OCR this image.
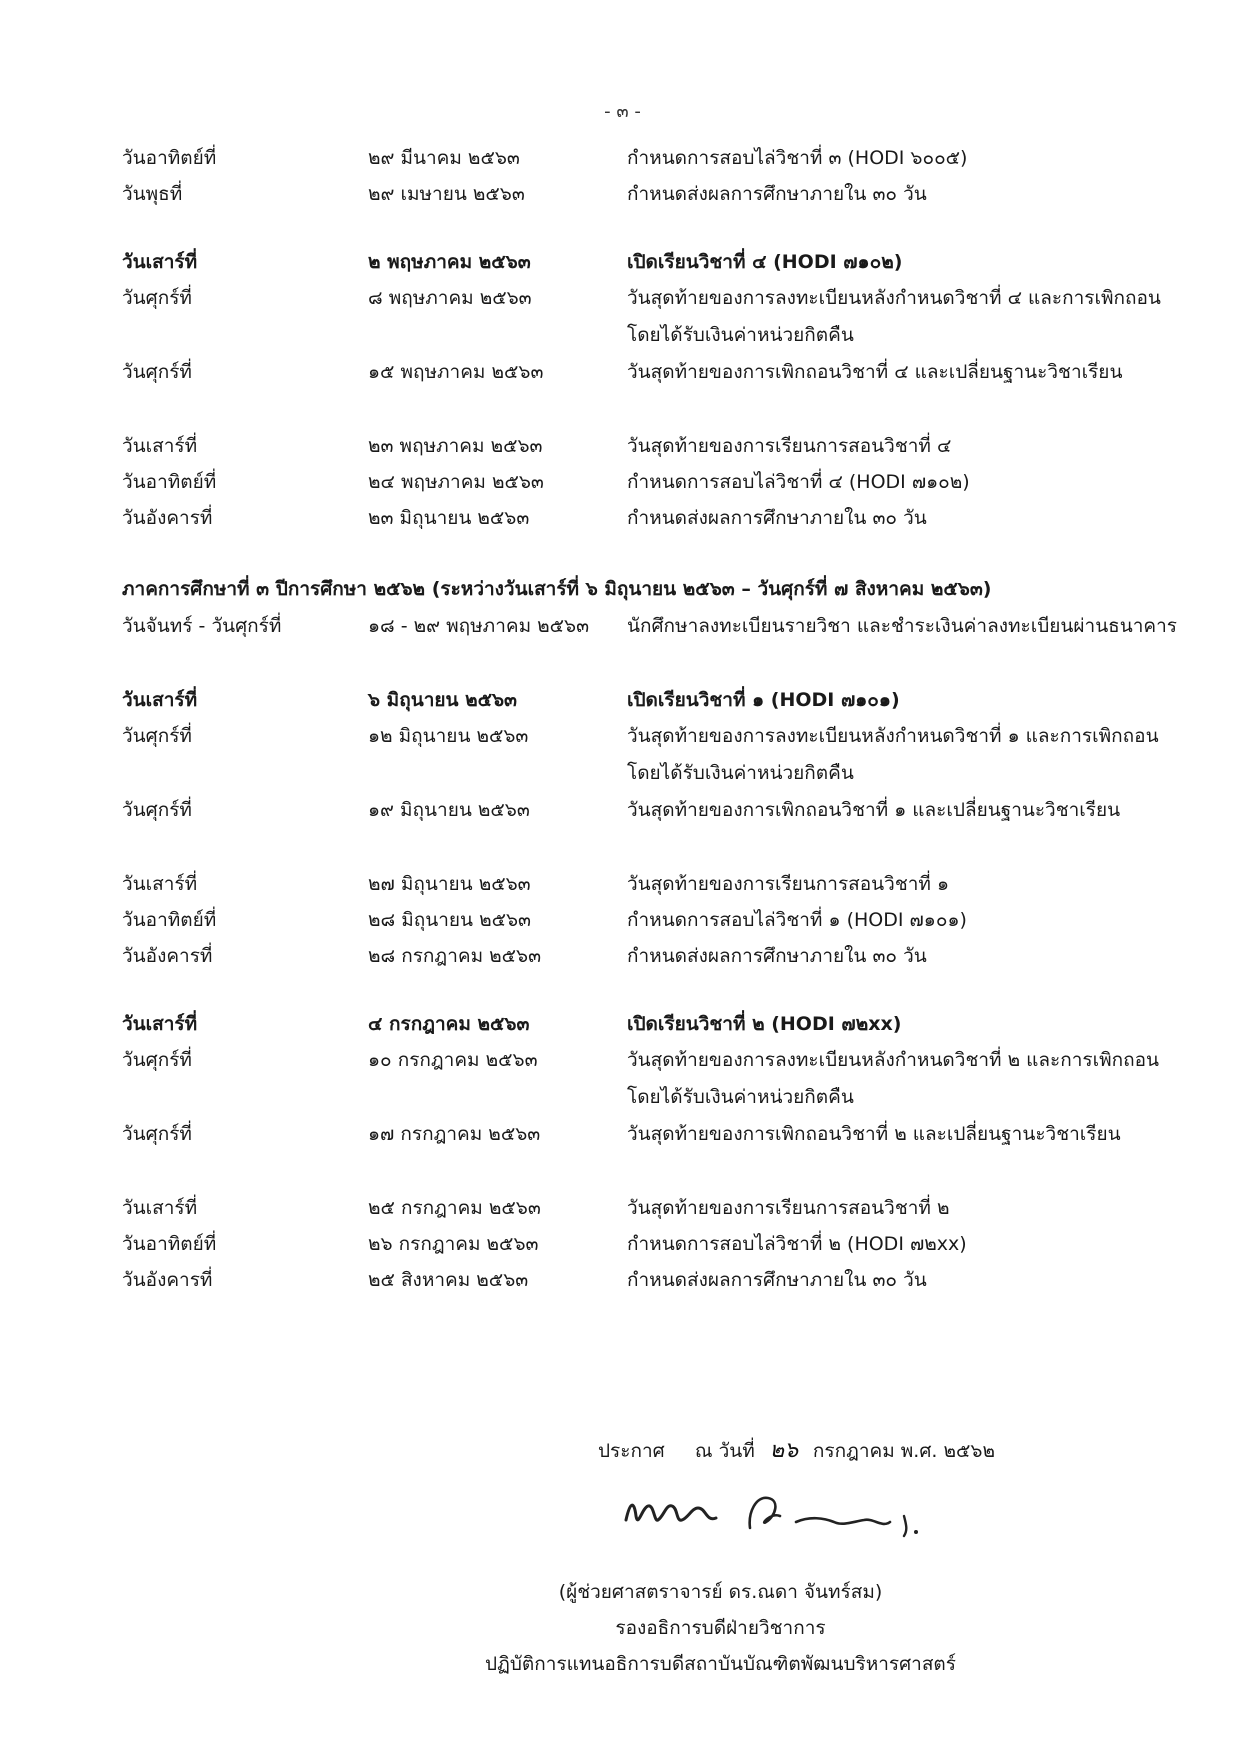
- ๓ -
วันอาทิตย์ที่	๒๙ มีนาคม ๒๕๖๓	กำหนดการสอบไล่วิชาที่ ๓ (HODI ๖๐๐๕)
วันพุธที่	๒๙ เมษายน ๒๕๖๓	กำหนดส่งผลการศึกษาภายใน ๓๐ วัน
วันเสาร์ที่	๒ พฤษภาคม ๒๕๖๓	เปิดเรียนวิชาที่ ๔ (HODI ๗๑๐๒)
วันศุกร์ที่	๘ พฤษภาคม ๒๕๖๓	วันสุดท้ายของการลงทะเบียนหลังกำหนดวิชาที่ ๔ และการเพิกถอนโดยได้รับเงินค่าหน่วยกิตคืน
วันศุกร์ที่	๑๕ พฤษภาคม ๒๕๖๓	วันสุดท้ายของการเพิกถอนวิชาที่ ๔ และเปลี่ยนฐานะวิชาเรียน
วันเสาร์ที่	๒๓ พฤษภาคม ๒๕๖๓	วันสุดท้ายของการเรียนการสอนวิชาที่ ๔
วันอาทิตย์ที่	๒๔ พฤษภาคม ๒๕๖๓	กำหนดการสอบไล่วิชาที่ ๔ (HODI ๗๑๐๒)
วันอังคารที่	๒๓ มิถุนายน ๒๕๖๓	กำหนดส่งผลการศึกษาภายใน ๓๐ วัน
ภาคการศึกษาที่ ๓ ปีการศึกษา ๒๕๖๒ (ระหว่างวันเสาร์ที่ ๖ มิถุนายน ๒๕๖๓ – วันศุกร์ที่ ๗ สิงหาคม ๒๕๖๓)
วันจันทร์ - วันศุกร์ที่	๑๘ - ๒๙ พฤษภาคม ๒๕๖๓ นักศึกษาลงทะเบียนรายวิชา และชำระเงินค่าลงทะเบียนผ่านธนาคาร
วันเสาร์ที่	๖ มิถุนายน ๒๕๖๓	เปิดเรียนวิชาที่ ๑ (HODI ๗๑๐๑)
วันศุกร์ที่	๑๒ มิถุนายน ๒๕๖๓	วันสุดท้ายของการลงทะเบียนหลังกำหนดวิชาที่ ๑ และการเพิกถอนโดยได้รับเงินค่าหน่วยกิตคืน
วันศุกร์ที่	๑๙ มิถุนายน ๒๕๖๓	วันสุดท้ายของการเพิกถอนวิชาที่ ๑ และเปลี่ยนฐานะวิชาเรียน
วันเสาร์ที่	๒๗ มิถุนายน ๒๕๖๓	วันสุดท้ายของการเรียนการสอนวิชาที่ ๑
วันอาทิตย์ที่	๒๘ มิถุนายน ๒๕๖๓	กำหนดการสอบไล่วิชาที่ ๑ (HODI ๗๑๐๑)
วันอังคารที่	๒๘ กรกฎาคม ๒๕๖๓	กำหนดส่งผลการศึกษาภายใน ๓๐ วัน
วันเสาร์ที่	๔ กรกฎาคม ๒๕๖๓	เปิดเรียนวิชาที่ ๒ (HODI ๗๒xx)
วันศุกร์ที่	๑๐ กรกฎาคม ๒๕๖๓	วันสุดท้ายของการลงทะเบียนหลังกำหนดวิชาที่ ๒ และการเพิกถอนโดยได้รับเงินค่าหน่วยกิตคืน
วันศุกร์ที่	๑๗ กรกฎาคม ๒๕๖๓	วันสุดท้ายของการเพิกถอนวิชาที่ ๒ และเปลี่ยนฐานะวิชาเรียน
วันเสาร์ที่	๒๕ กรกฎาคม ๒๕๖๓	วันสุดท้ายของการเรียนการสอนวิชาที่ ๒
วันอาทิตย์ที่	๒๖ กรกฎาคม ๒๕๖๓	กำหนดการสอบไล่วิชาที่ ๒ (HODI ๗๒xx)
วันอังคารที่	๒๕ สิงหาคม ๒๕๖๓	กำหนดส่งผลการศึกษาภายใน ๓๐ วัน
ประกาศ ณ วันที่ ๒๖ กรกฎาคม พ.ศ. ๒๕๖๒
(ผู้ช่วยศาสตราจารย์ ดร.ณดา จันทร์สม)
รองอธิการบดีฝ่ายวิชาการ
ปฏิบัติการแทนอธิการบดีสถาบันบัณฑิตพัฒนบริหารศาสตร์
